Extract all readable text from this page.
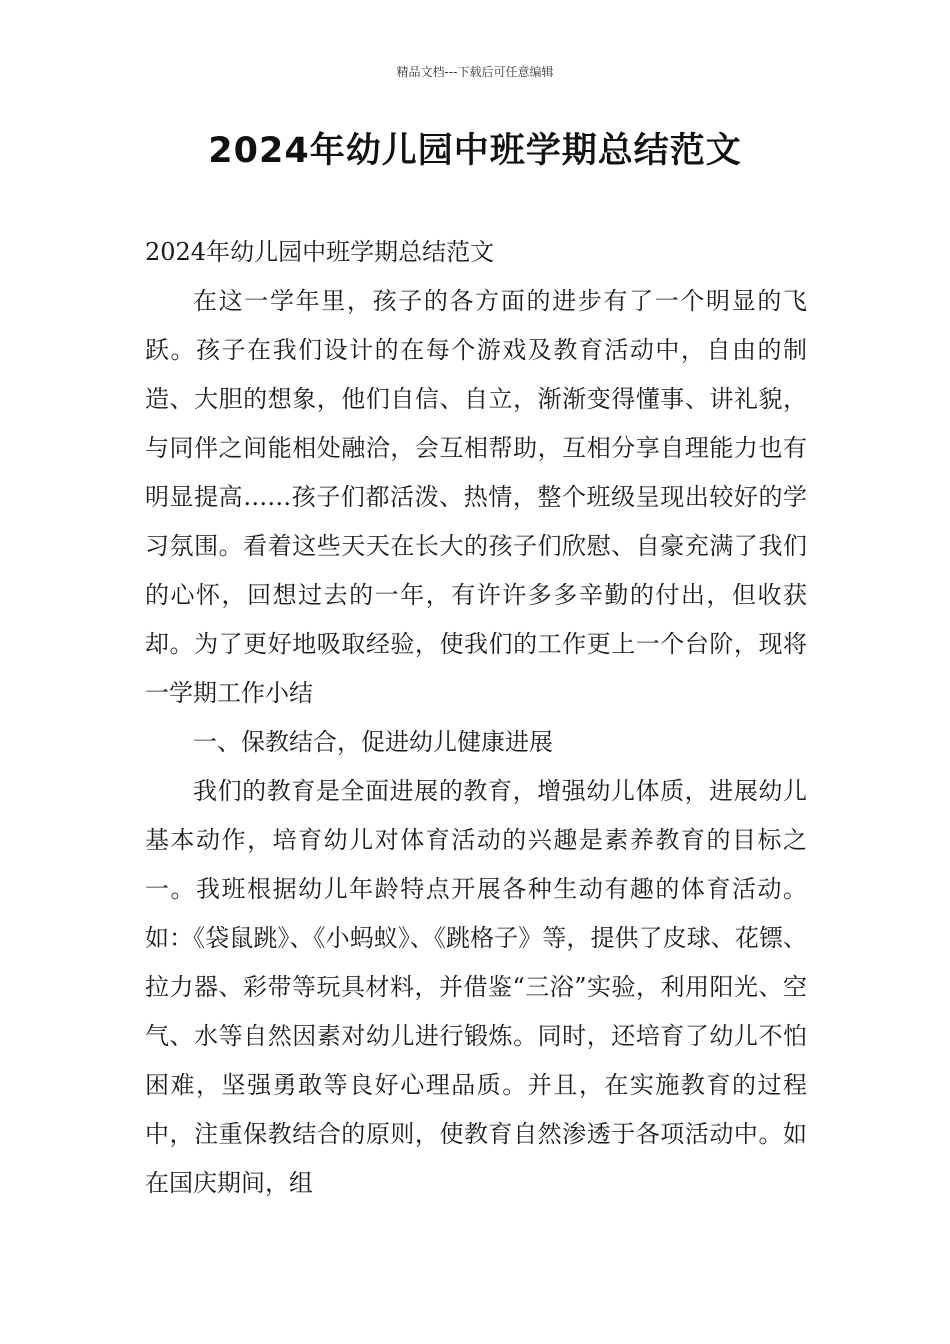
精品文档---下载后可任意编辑
2024年幼儿园中班学期总结范文

2024年幼儿园中班学期总结范文

在这一学年里，孩子的各方面的进步有了一个明显的飞跃。孩子在我们设计的在每个游戏及教育活动中，自由的制造、大胆的想象，他们自信、自立，渐渐变得懂事、讲礼貌，与同伴之间能相处融洽，会互相帮助，互相分享自理能力也有明显提高……孩子们都活泼、热情，整个班级呈现出较好的学习氛围。看着这些天天在长大的孩子们欣慰、自豪充满了我们的心怀，回想过去的一年，有许许多多辛勤的付出，但收获却。为了更好地吸取经验，使我们的工作更上一个台阶，现将一学期工作小结

一、保教结合，促进幼儿健康进展

我们的教育是全面进展的教育，增强幼儿体质，进展幼儿基本动作，培育幼儿对体育活动的兴趣是素养教育的目标之一。我班根据幼儿年龄特点开展各种生动有趣的体育活动。如：《袋鼠跳》、《小蚂蚁》、《跳格子》等，提供了皮球、花镖、拉力器、彩带等玩具材料，并借鉴“三浴”实验，利用阳光、空气、水等自然因素对幼儿进行锻炼。同时，还培育了幼儿不怕困难，坚强勇敢等良好心理品质。并且，在实施教育的过程中，注重保教结合的原则，使教育自然渗透于各项活动中。如在国庆期间，组
